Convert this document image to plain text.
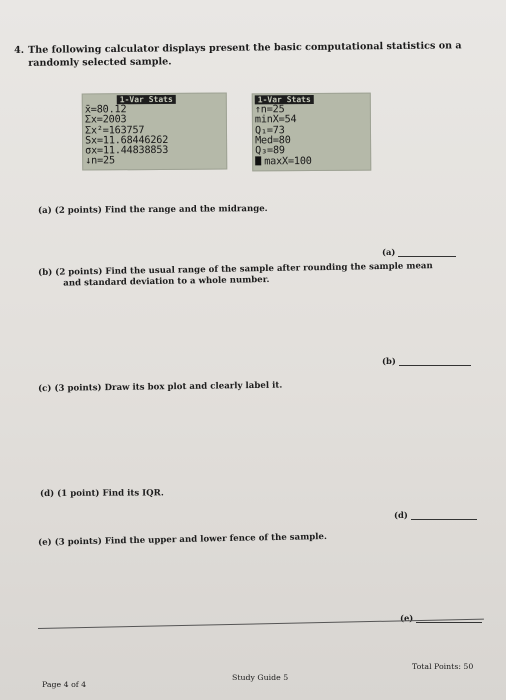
4. The following calculator displays present the basic computational statistics on a
randomly selected sample.
1-Var Stats
x̄=80.12
Σx=2003
Σx²=163757
Sx=11.68446262
σx=11.44838853
↓n=25
1-Var Stats
↑n=25
minX=54
Q₁=73
Med=80
Q₃=89
maxX=100
(a) (2 points) Find the range and the midrange.
(a)
(b) (2 points) Find the usual range of the sample after rounding the sample mean
and standard deviation to a whole number.
(b)
(c) (3 points) Draw its box plot and clearly label it.
(d) (1 point) Find its IQR.
(d)
(e) (3 points) Find the upper and lower fence of the sample.
(e)
Page 4 of 4
Study Guide 5
Total Points: 50
